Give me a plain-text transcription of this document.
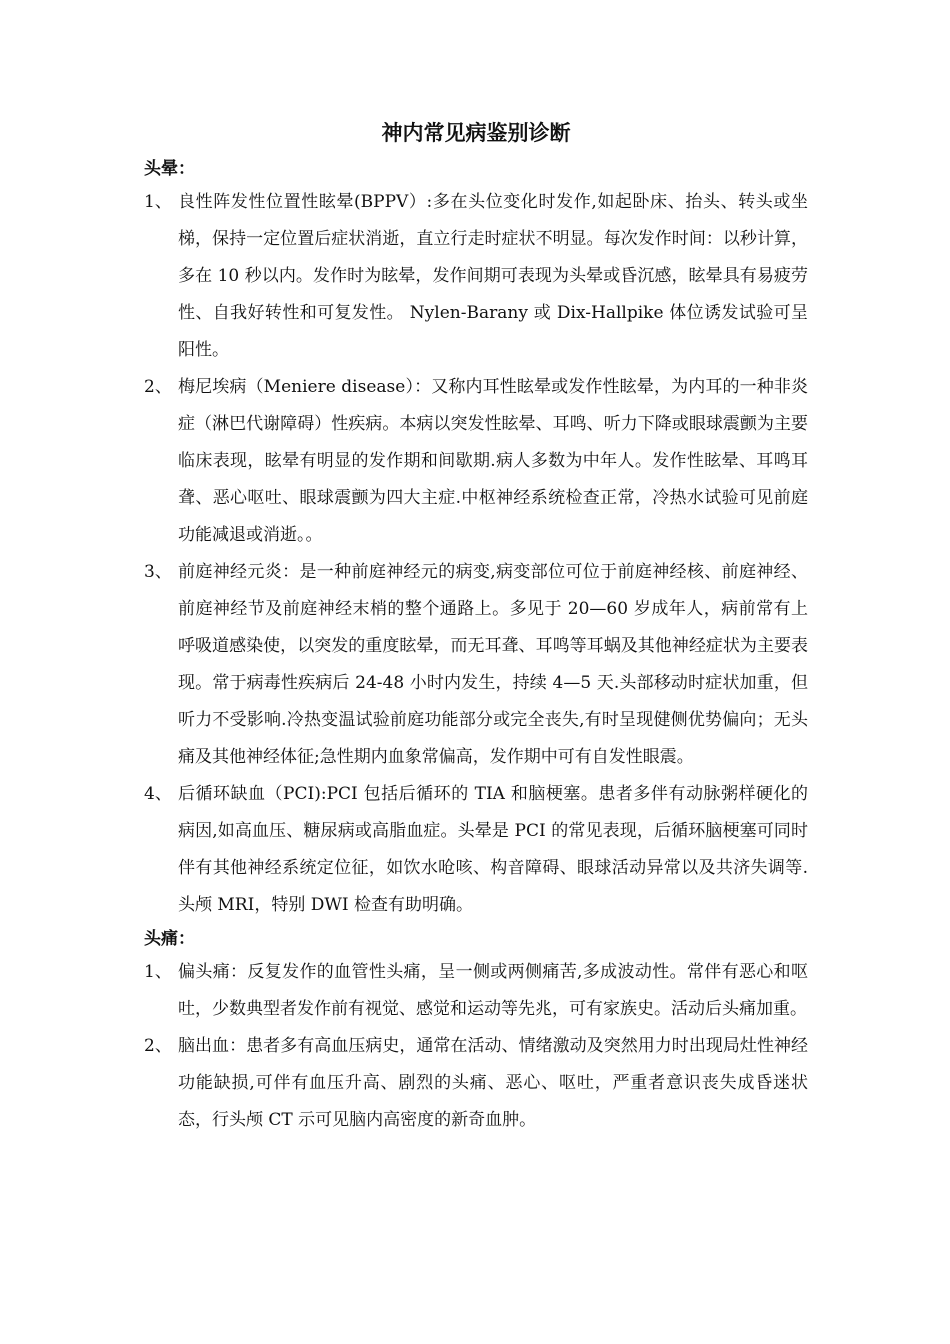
神内常见病鉴别诊断
头晕：
1、 良性阵发性位置性眩晕(BPPV）:多在头位变化时发作,如起卧床、抬头、转头或坐梯，保持一定位置后症状消逝，直立行走时症状不明显。每次发作时间：以秒计算，多在 10 秒以内。发作时为眩晕，发作间期可表现为头晕或昏沉感，眩晕具有易疲劳性、自我好转性和可复发性。 Nylen-Barany 或 Dix-Hallpike 体位诱发试验可呈阳性。
2、 梅尼埃病（Meniere disease）：又称内耳性眩晕或发作性眩晕，为内耳的一种非炎症（淋巴代谢障碍）性疾病。本病以突发性眩晕、耳鸣、听力下降或眼球震颤为主要临床表现，眩晕有明显的发作期和间歇期.病人多数为中年人。发作性眩晕、耳鸣耳聋、恶心呕吐、眼球震颤为四大主症.中枢神经系统检查正常，冷热水试验可见前庭功能减退或消逝。。
3、 前庭神经元炎：是一种前庭神经元的病变,病变部位可位于前庭神经核、前庭神经、前庭神经节及前庭神经末梢的整个通路上。多见于 20—60 岁成年人，病前常有上呼吸道感染使，以突发的重度眩晕，而无耳聋、耳鸣等耳蜗及其他神经症状为主要表现。常于病毒性疾病后 24-48 小时内发生，持续 4—5 天.头部移动时症状加重，但听力不受影响.冷热变温试验前庭功能部分或完全丧失,有时呈现健侧优势偏向；无头痛及其他神经体征;急性期内血象常偏高，发作期中可有自发性眼震。
4、 后循环缺血（PCI):PCI 包括后循环的 TIA 和脑梗塞。患者多伴有动脉粥样硬化的病因,如高血压、糖尿病或高脂血症。头晕是 PCI 的常见表现，后循环脑梗塞可同时伴有其他神经系统定位征，如饮水呛咳、构音障碍、眼球活动异常以及共济失调等.头颅 MRI，特别 DWI 检查有助明确。
头痛：
1、 偏头痛：反复发作的血管性头痛，呈一侧或两侧痛苦,多成波动性。常伴有恶心和呕吐，少数典型者发作前有视觉、感觉和运动等先兆，可有家族史。活动后头痛加重。
2、 脑出血：患者多有高血压病史，通常在活动、情绪激动及突然用力时出现局灶性神经功能缺损,可伴有血压升高、剧烈的头痛、恶心、呕吐，严重者意识丧失成昏迷状态，行头颅 CT 示可见脑内高密度的新奇血肿。
